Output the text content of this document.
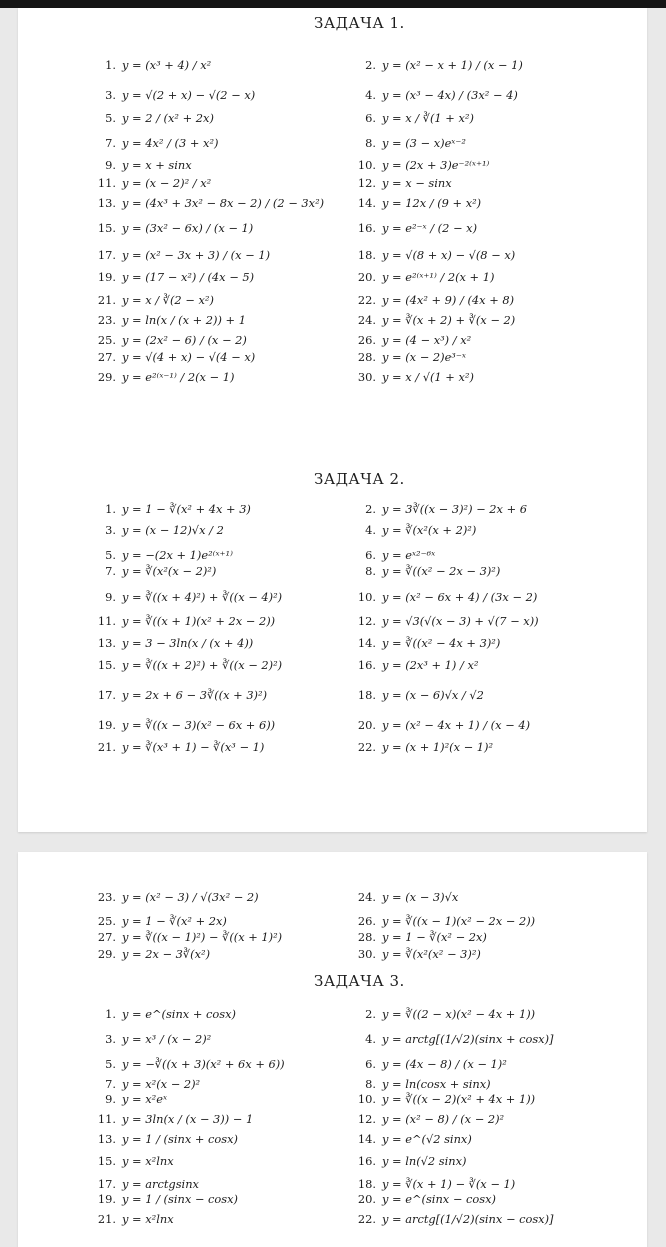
ЗАДАЧА 1.
1. y = (x³ + 4) / x²	2. y = (x² − x + 1) / (x − 1)
3. y = √(2 + x) − √(2 − x)	4. y = (x³ − 4x) / (3x² − 4)
5. y = 2 / (x² + 2x)	6. y = x / ∛(1 + x²)
7. y = 4x² / (3 + x²)	8. y = (3 − x)eˣ⁻²
9. y = x + sinx	10. y = (2x + 3)e⁻²⁽ˣ⁺¹⁾
11. y = (x − 2)² / x²	12. y = x − sinx
13. y = (4x³ + 3x² − 8x − 2) / (2 − 3x²)	14. y = 12x / (9 + x²)
15. y = (3x² − 6x) / (x − 1)	16. y = e²⁻ˣ / (2 − x)
17. y = (x² − 3x + 3) / (x − 1)	18. y = √(8 + x) − √(8 − x)
19. y = (17 − x²) / (4x − 5)	20. y = e²⁽ˣ⁺¹⁾ / 2(x + 1)
21. y = x / ∛(2 − x²)	22. y = (4x² + 9) / (4x + 8)
23. y = ln(x / (x + 2)) + 1	24. y = ∛(x + 2) + ∛(x − 2)
25. y = (2x² − 6) / (x − 2)	26. y = (4 − x³) / x²
27. y = √(4 + x) − √(4 − x)	28. y = (x − 2)e³⁻ˣ
29. y = e²⁽ˣ⁻¹⁾ / 2(x − 1)	30. y = x / √(1 + x²)
ЗАДАЧА 2.
1. y = 1 − ∛(x² + 4x + 3)	2. y = 3∛((x − 3)²) − 2x + 6
3. y = (x − 12)√x / 2	4. y = ∛(x²(x + 2)²)
5. y = −(2x + 1)e²⁽ˣ⁺¹⁾	6. y = eˣ²⁻⁶ˣ
7. y = ∛(x²(x − 2)²)	8. y = ∛((x² − 2x − 3)²)
9. y = ∛((x + 4)²) + ∛((x − 4)²)	10. y = (x² − 6x + 4) / (3x − 2)
11. y = ∛((x + 1)(x² + 2x − 2))	12. y = √3(√(x − 3) + √(7 − x))
13. y = 3 − 3ln(x / (x + 4))	14. y = ∛((x² − 4x + 3)²)
15. y = ∛((x + 2)²) + ∛((x − 2)²)	16. y = (2x³ + 1) / x²
17. y = 2x + 6 − 3∛((x + 3)²)	18. y = (x − 6)√x / √2
19. y = ∛((x − 3)(x² − 6x + 6))	20. y = (x² − 4x + 1) / (x − 4)
21. y = ∛(x³ + 1) − ∛(x³ − 1)	22. y = (x + 1)²(x − 1)²
23. y = (x² − 3) / √(3x² − 2)	24. y = (x − 3)√x
25. y = 1 − ∛(x² + 2x)	26. y = ∛((x − 1)(x² − 2x − 2))
27. y = ∛((x − 1)²) − ∛((x + 1)²)	28. y = 1 − ∛(x² − 2x)
29. y = 2x − 3∛(x²)	30. y = ∛(x²(x² − 3)²)
ЗАДАЧА 3.
1. y = e^(sinx + cosx)	2. y = ∛((2 − x)(x² − 4x + 1))
3. y = x³ / (x − 2)²	4. y = arctg[(1/√2)(sinx + cosx)]
5. y = −∛((x + 3)(x² + 6x + 6))	6. y = (4x − 8) / (x − 1)²
7. y = x²(x − 2)²	8. y = ln(cosx + sinx)
9. y = x²eˣ	10. y = ∛((x − 2)(x² + 4x + 1))
11. y = 3ln(x / (x − 3)) − 1	12. y = (x² − 8) / (x − 2)²
13. y = 1 / (sinx + cosx)	14. y = e^(√2 sinx)
15. y = x²lnx	16. y = ln(√2 sinx)
17. y = arctgsinx	18. y = ∛(x + 1) − ∛(x − 1)
19. y = 1 / (sinx − cosx)	20. y = e^(sinx − cosx)
21. y = x²lnx	22. y = arctg[(1/√2)(sinx − cosx)]
